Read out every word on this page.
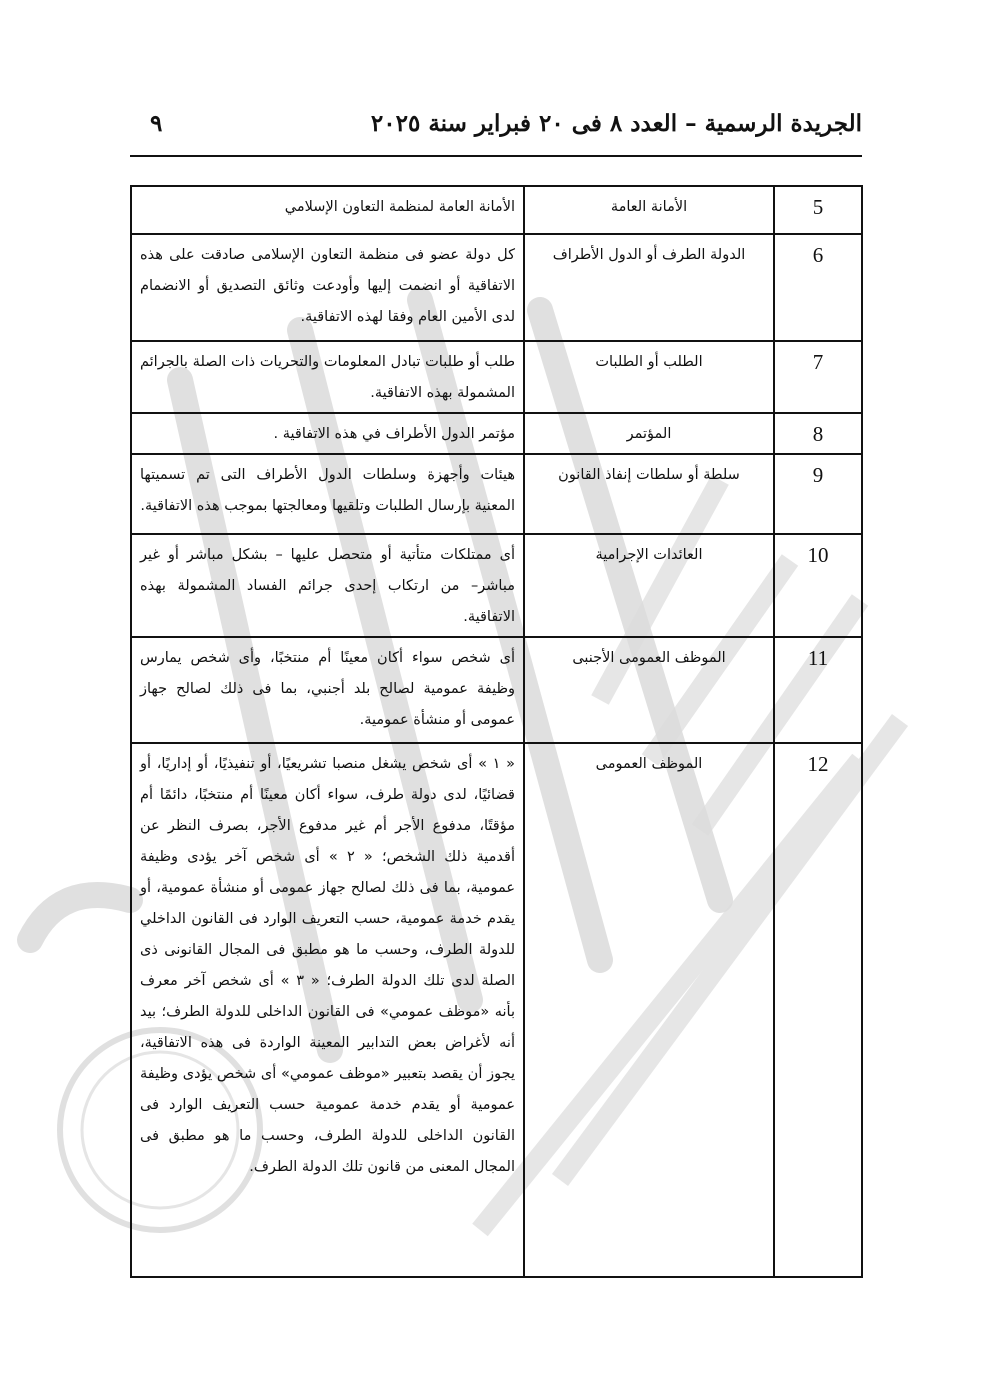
٩	الجريدة الرسمية – العدد ٨ فى ٢٠ فبراير سنة ٢٠٢٥
5	الأمانة العامة	الأمانة العامة لمنظمة التعاون الإسلامي
6	الدولة الطرف أو الدول الأطراف	كل دولة عضو فى منظمة التعاون الإسلامى صادقت على هذه الاتفاقية أو انضمت إليها وأودعت وثائق التصديق أو الانضمام لدى الأمين العام وفقا لهذه الاتفاقية.
7	الطلب أو الطلبات	طلب أو طلبات تبادل المعلومات والتحريات ذات الصلة بالجرائم المشمولة بهذه الاتفاقية.
8	المؤتمر	مؤتمر الدول الأطراف في هذه الاتفاقية .
9	سلطة أو سلطات إنفاذ القانون	هيئات وأجهزة وسلطات الدول الأطراف التى تم تسميتها المعنية بإرسال الطلبات وتلقيها ومعالجتها بموجب هذه الاتفاقية.
10	العائدات الإجرامية	أى ممتلكات متأتية أو متحصل عليها – بشكل مباشر أو غير مباشر– من ارتكاب إحدى جرائم الفساد المشمولة بهذه الاتفاقية.
11	الموظف العمومى الأجنبى	أى شخص سواء أكان معينًا أم منتخبًا، وأى شخص يمارس وظيفة عمومية لصالح بلد أجنبي، بما فى ذلك لصالح جهاز عمومى أو منشأة عمومية.
12	الموظف العمومى	« ١ » أى شخص يشغل منصبا تشريعيًا، أو تنفيذيًا، أو إداريًا، أو قضائيًا، لدى دولة طرف، سواء أكان معينًا أم منتخبًا، دائمًا أم مؤقتًا، مدفوع الأجر أم غير مدفوع الأجر، بصرف النظر عن أقدمية ذلك الشخص؛ « ٢ » أى شخص آخر يؤدى وظيفة عمومية، بما فى ذلك لصالح جهاز عمومى أو منشأة عمومية، أو يقدم خدمة عمومية، حسب التعريف الوارد فى القانون الداخلي للدولة الطرف، وحسب ما هو مطبق فى المجال القانونى ذى الصلة لدى تلك الدولة الطرف؛ « ٣ » أى شخص آخر معرف بأنه «موظف عمومي» فى القانون الداخلى للدولة الطرف؛ بيد أنه لأغراض بعض التدابير المعينة الواردة فى هذه الاتفاقية، يجوز أن يقصد بتعبير «موظف عمومي» أى شخص يؤدى وظيفة عمومية أو يقدم خدمة عمومية حسب التعريف الوارد فى القانون الداخلى للدولة الطرف، وحسب ما هو مطبق فى المجال المعنى من قانون تلك الدولة الطرف.
